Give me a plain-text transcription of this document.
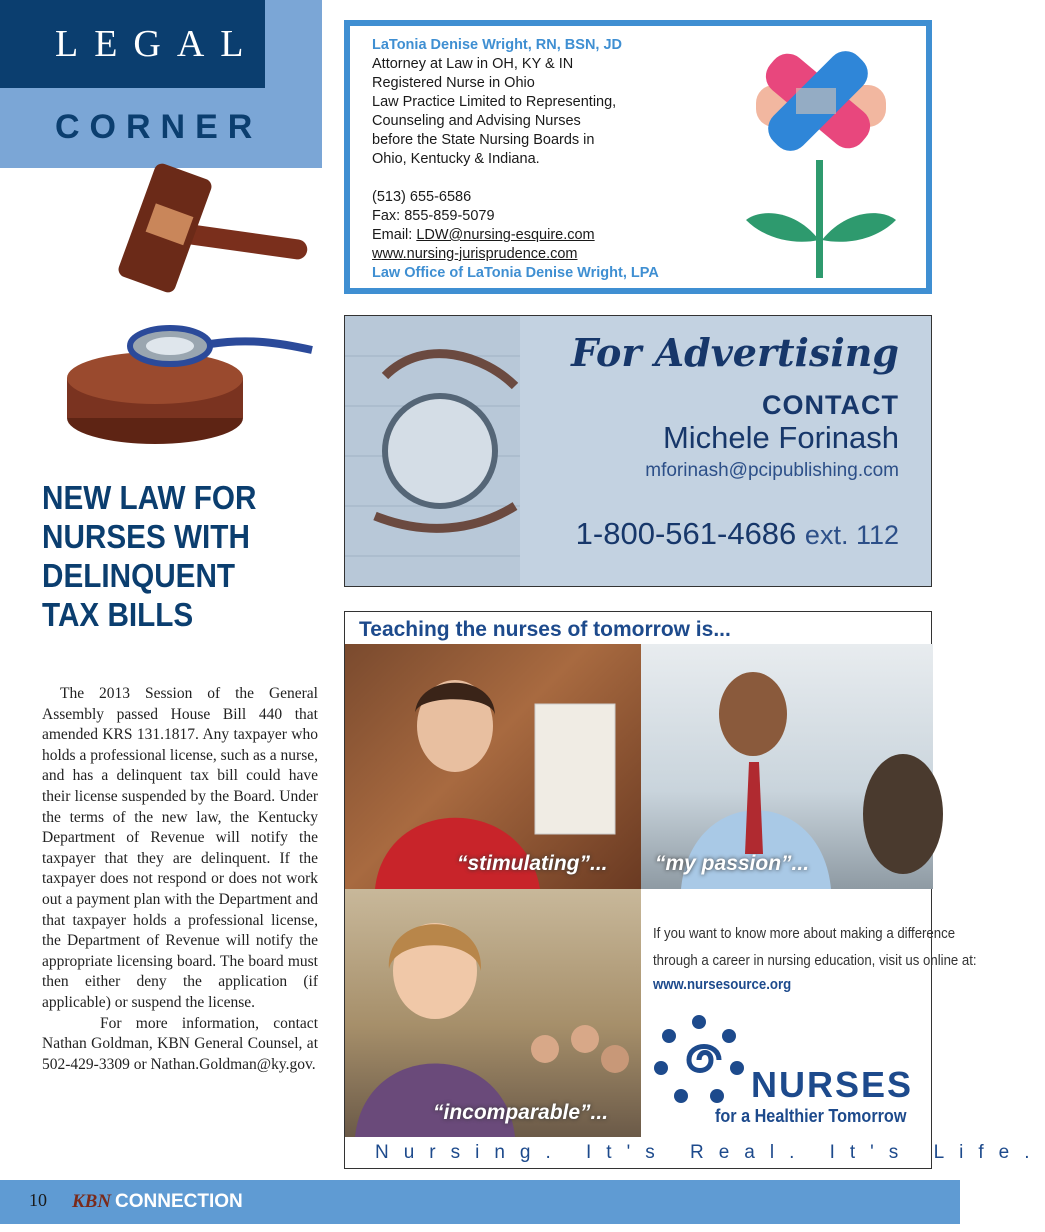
LEGAL
CORNER
NEW LAW FOR NURSES WITH DELINQUENT TAX BILLS

The 2013 Session of the General Assembly passed House Bill 440 that amended KRS 131.1817. Any taxpayer who holds a professional license, such as a nurse, and has a delinquent tax bill could have their license suspended by the Board. Under the terms of the new law, the Kentucky Department of Revenue will notify the taxpayer that they are delinquent. If the taxpayer does not respond or does not work out a payment plan with the Department and that taxpayer holds a professional license, the Department of Revenue will notify the appropriate licensing board. The board must then either deny the application (if applicable) or suspend the license.

For more information, contact Nathan Goldman, KBN General Counsel, at 502-429-3309 or Nathan.Goldman@ky.gov.

LaTonia Denise Wright, RN, BSN, JD
Attorney at Law in OH, KY & IN
Registered Nurse in Ohio
Law Practice Limited to Representing,
Counseling and Advising Nurses
before the State Nursing Boards in
Ohio, Kentucky & Indiana.
(513) 655-6586
Fax: 855-859-5079
Email: LDW@nursing-esquire.com
www.nursing-jurisprudence.com
Law Office of LaTonia Denise Wright, LPA
For Advertising
CONTACT
Michele Forinash
mforinash@pcipublishing.com
1-800-561-4686 ext. 112
Teaching the nurses of tomorrow is...
“stimulating”... “my passion”...
“incomparable”...
If you want to know more about making a difference
through a career in nursing education, visit us online at:
www.nursesource.org
NURSES
for a Healthier Tomorrow
Nursing. It's Real. It's Life.
10 KBN CONNECTION
